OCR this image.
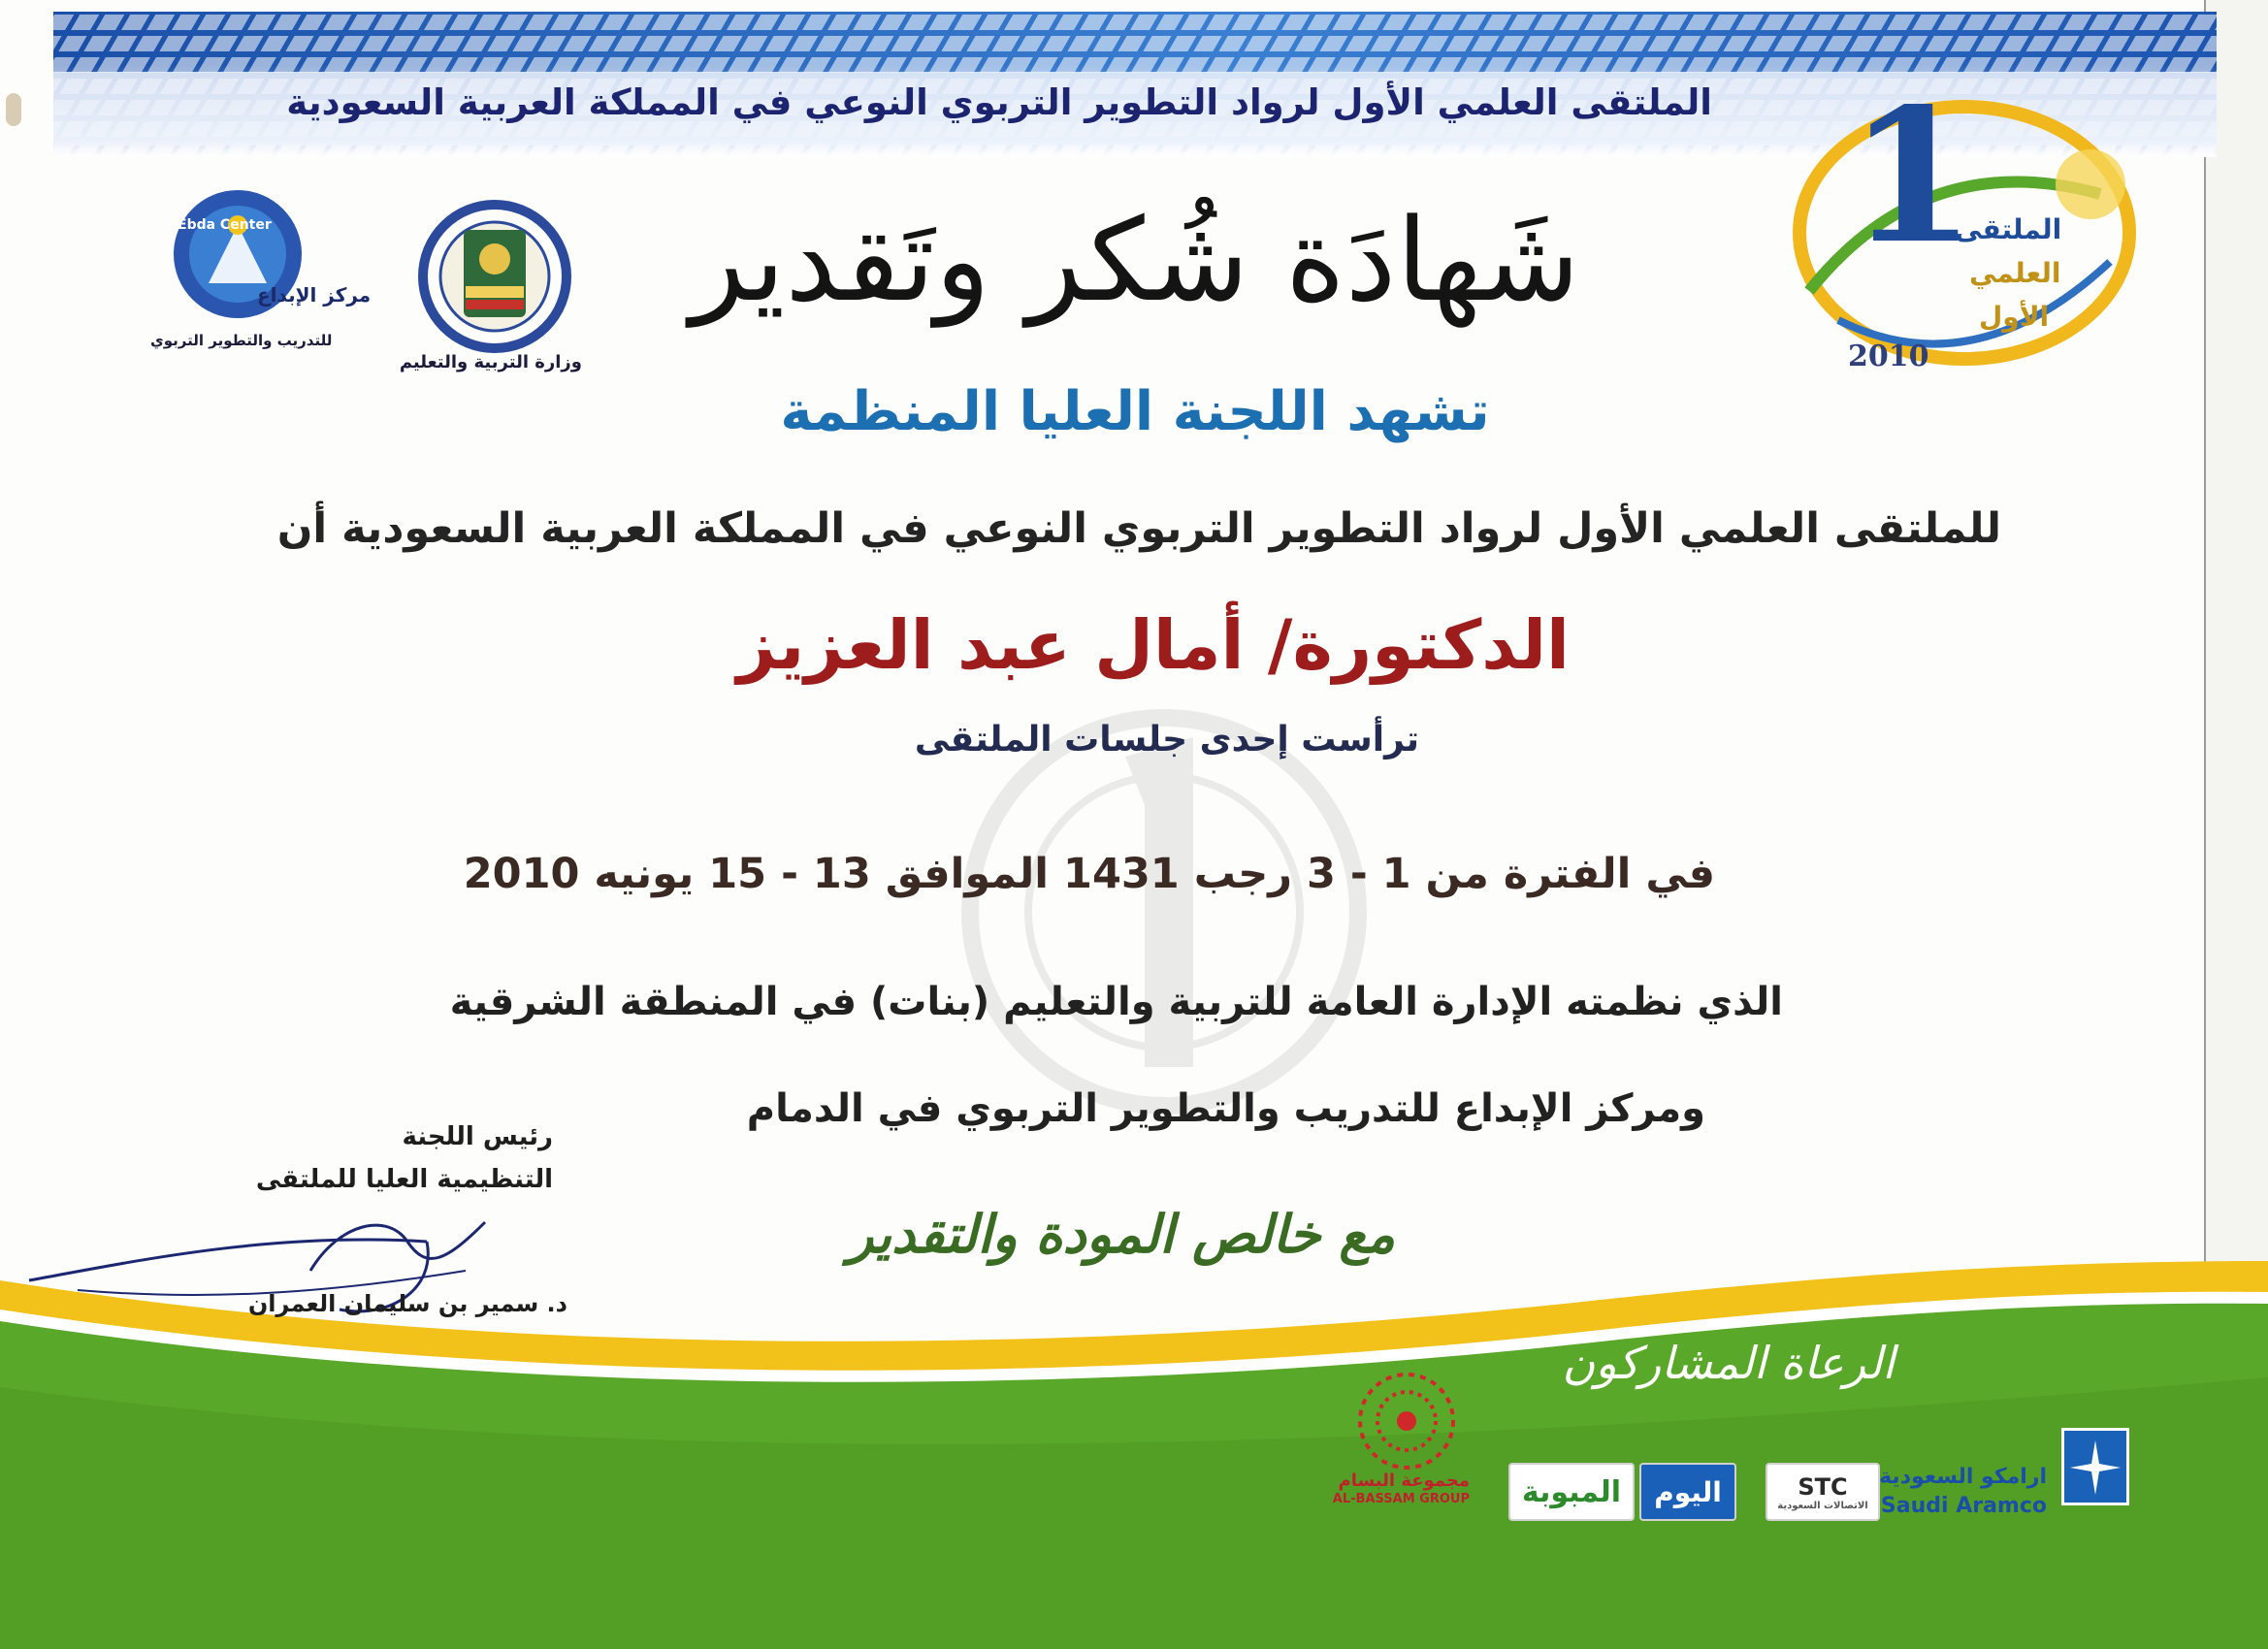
الملتقى العلمي الأول لرواد التطوير التربوي النوعي في المملكة العربية السعودية 1
الملتقى
العلمي
الأول
2010
وزارة التربية والتعليم
Ebda Center
مركز الإبداع
للتدريب والتطوير التربوي
شَهادَة شُكر وتَقدير
تشهد اللجنة العليا المنظمة
للملتقى العلمي الأول لرواد التطوير التربوي النوعي في المملكة العربية السعودية أن
الدكتورة/ أمال عبد العزيز
ترأست إحدى جلسات الملتقى
في الفترة من 1 - 3 رجب 1431 الموافق 13 - 15 يونيه 2010
الذي نظمته الإدارة العامة للتربية والتعليم (بنات) في المنطقة الشرقية
ومركز الإبداع للتدريب والتطوير التربوي في الدمام
مع خالص المودة والتقدير
رئيس اللجنة
التنظيمية العليا للملتقى
د. سمير بن سليمان العمران
الرعاة المشاركون
مجموعة البسام
AL-BASSAM GROUP	المبوبة	اليوم	STC
الاتصالات السعودية
ارامكو السعودية
Saudi Aramco
